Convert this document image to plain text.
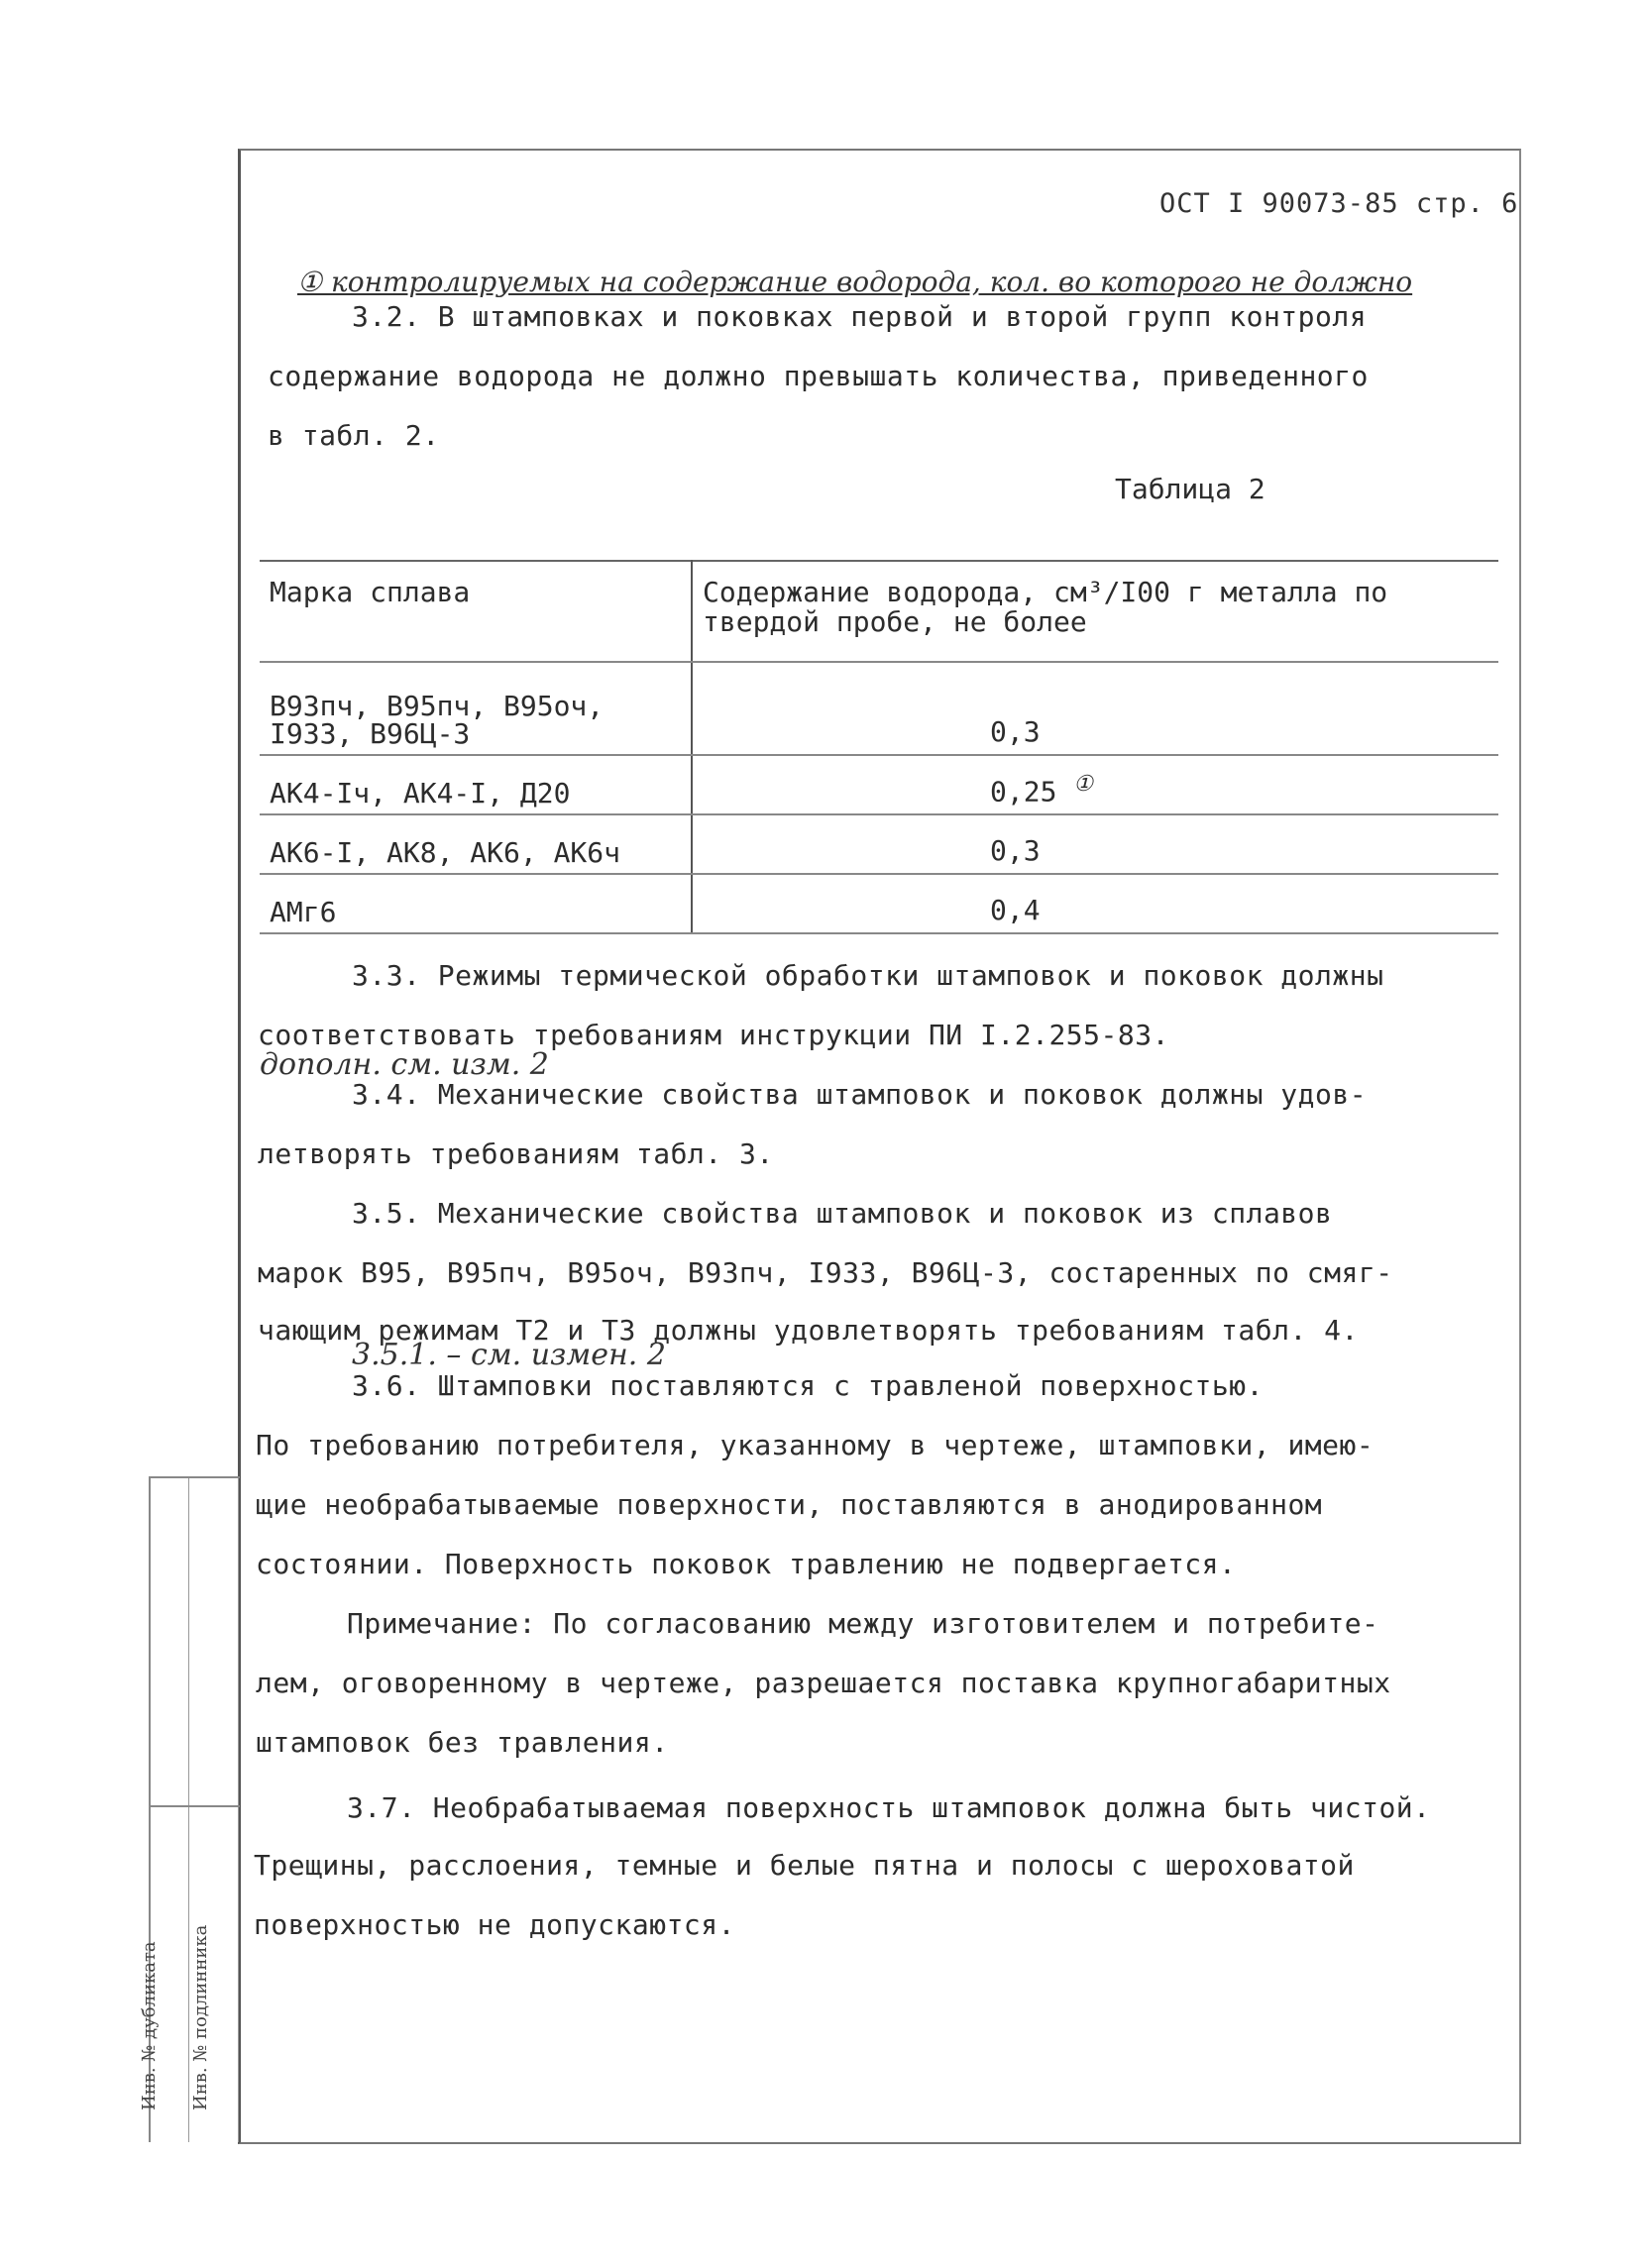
ОСТ I 90073-85 стр. 6
① контролируемых на содержание водорода, кол. во которого не должно
3.2. В штамповках и поковках первой и второй групп контроля
содержание водорода не должно превышать количества, приведенного
в табл. 2.
Таблица 2
Марка сплава	Содержание водорода, см³/I00 г металла по
твердой пробе, не более
В93пч, В95пч, В95оч,
I933, В96Ц-3	0,3
АК4-Iч, АК4-I, Д20	0,25 ①
АК6-I, АК8, АК6, АК6ч	0,3
АМг6	0,4
3.3. Режимы термической обработки штамповок и поковок должны
соответствовать требованиям инструкции ПИ I.2.255-83.
дополн. см. изм. 2
3.4. Механические свойства штамповок и поковок должны удов-
летворять требованиям табл. 3.
3.5. Механические свойства штамповок и поковок из сплавов
марок В95, В95пч, В95оч, В93пч, I933, В96Ц-3, состаренных по смяг-
чающим режимам Т2 и Т3 должны удовлетворять требованиям табл. 4.
3.5.1. – см. измен. 2
3.6. Штамповки поставляются с травленой поверхностью.
По требованию потребителя, указанному в чертеже, штамповки, имею-
щие необрабатываемые поверхности, поставляются в анодированном
состоянии. Поверхность поковок травлению не подвергается.
Примечание: По согласованию между изготовителем и потребите-
лем, оговоренному в чертеже, разрешается поставка крупногабаритных
штамповок без травления.
3.7. Необрабатываемая поверхность штамповок должна быть чистой.
Трещины, расслоения, темные и белые пятна и полосы с шероховатой
поверхностью не допускаются.
Инв. № дубликата Инв. № подлинника
